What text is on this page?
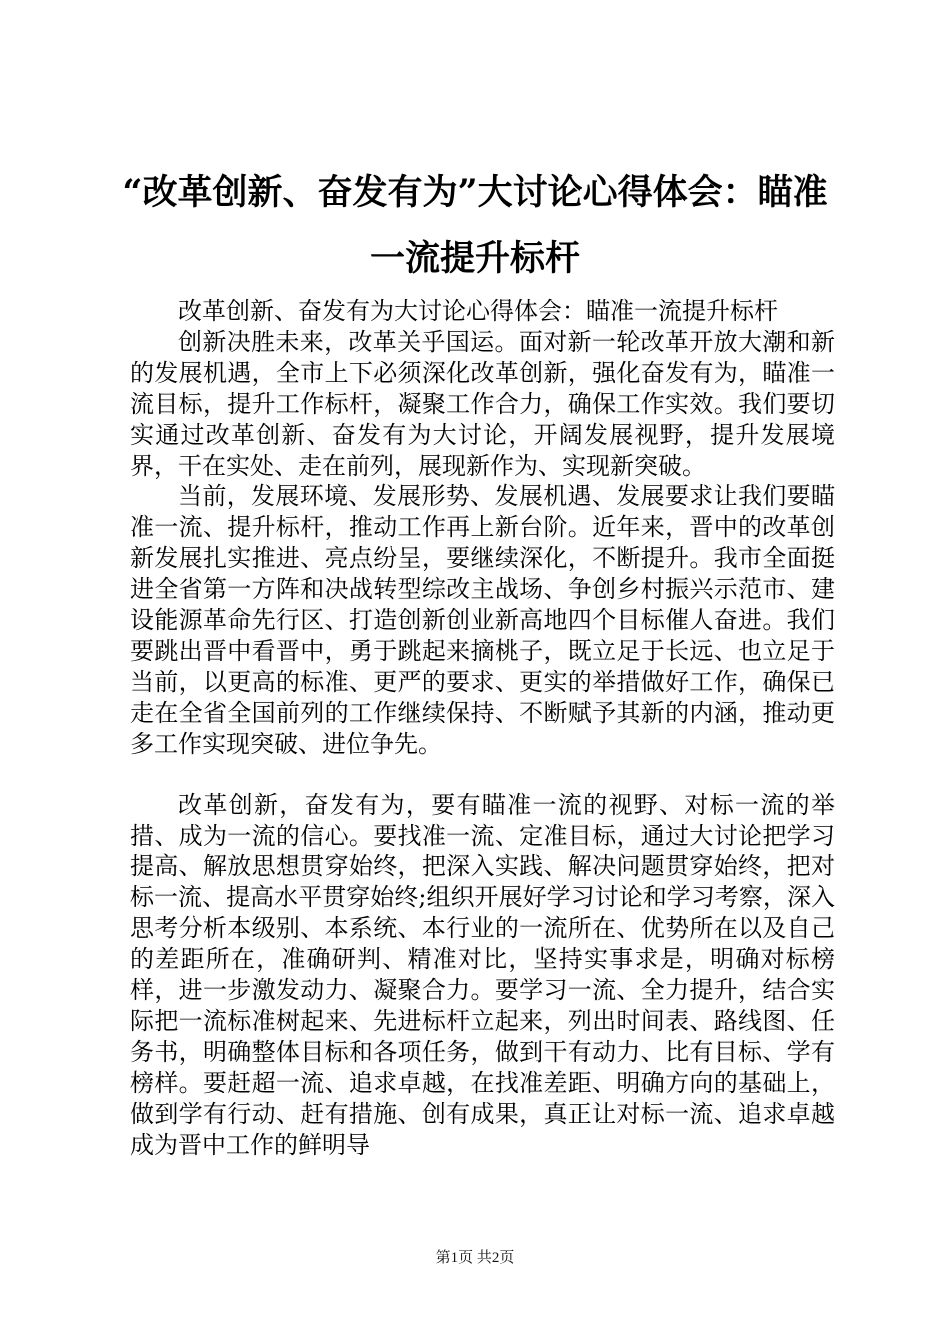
“改革创新、奋发有为”大讨论心得体会：瞄准一流提升标杆

改革创新、奋发有为大讨论心得体会：瞄准一流提升标杆

创新决胜未来，改革关乎国运。面对新一轮改革开放大潮和新的发展机遇，全市上下必须深化改革创新，强化奋发有为，瞄准一流目标，提升工作标杆，凝聚工作合力，确保工作实效。我们要切实通过改革创新、奋发有为大讨论，开阔发展视野，提升发展境界，干在实处、走在前列，展现新作为、实现新突破。

当前，发展环境、发展形势、发展机遇、发展要求让我们要瞄准一流、提升标杆，推动工作再上新台阶。近年来，晋中的改革创新发展扎实推进、亮点纷呈，要继续深化，不断提升。我市全面挺进全省第一方阵和决战转型综改主战场、争创乡村振兴示范市、建设能源革命先行区、打造创新创业新高地四个目标催人奋进。我们要跳出晋中看晋中，勇于跳起来摘桃子，既立足于长远、也立足于当前，以更高的标准、更严的要求、更实的举措做好工作，确保已走在全省全国前列的工作继续保持、不断赋予其新的内涵，推动更多工作实现突破、进位争先。

改革创新，奋发有为，要有瞄准一流的视野、对标一流的举措、成为一流的信心。要找准一流、定准目标，通过大讨论把学习提高、解放思想贯穿始终，把深入实践、解决问题贯穿始终，把对标一流、提高水平贯穿始终;组织开展好学习讨论和学习考察，深入思考分析本级别、本系统、本行业的一流所在、优势所在以及自己的差距所在，准确研判、精准对比，坚持实事求是，明确对标榜样，进一步激发动力、凝聚合力。要学习一流、全力提升，结合实际把一流标准树起来、先进标杆立起来，列出时间表、路线图、任务书，明确整体目标和各项任务，做到干有动力、比有目标、学有榜样。要赶超一流、追求卓越，在找准差距、明确方向的基础上，做到学有行动、赶有措施、创有成果，真正让对标一流、追求卓越成为晋中工作的鲜明导

第1页 共2页
